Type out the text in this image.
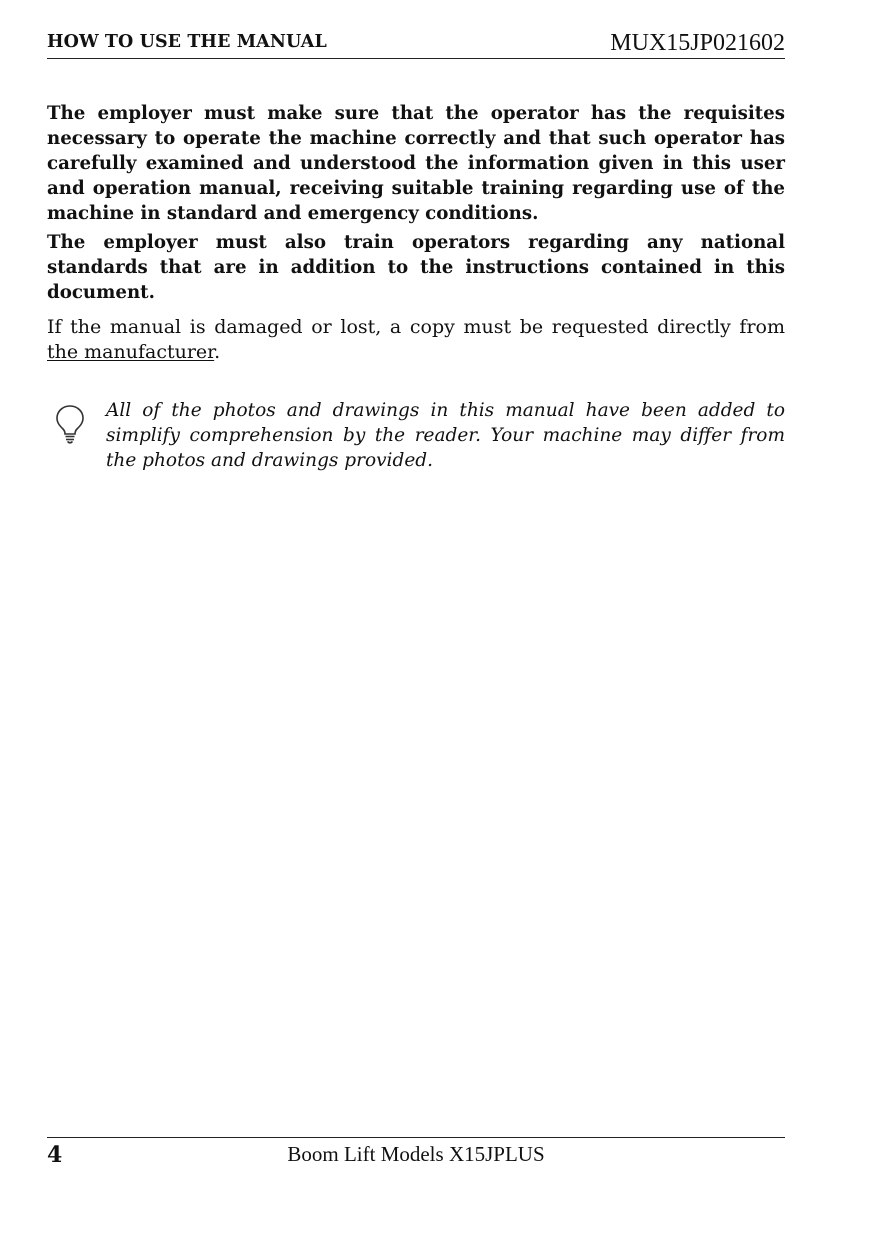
HOW TO USE THE MANUAL	MUX15JP021602

The employer must make sure that the operator has the requisites necessary to operate the machine correctly and that such operator has carefully examined and understood the information given in this user and operation manual, receiving suitable training regarding use of the machine in standard and emergency conditions.

The employer must also train operators regarding any national standards that are in addition to the instructions contained in this document.

If the manual is damaged or lost, a copy must be requested directly from the manufacturer.
All of the photos and drawings in this manual have been added to simplify comprehension by the reader. Your machine may differ from the photos and drawings provided.
4	Boom Lift Models X15JPLUS
